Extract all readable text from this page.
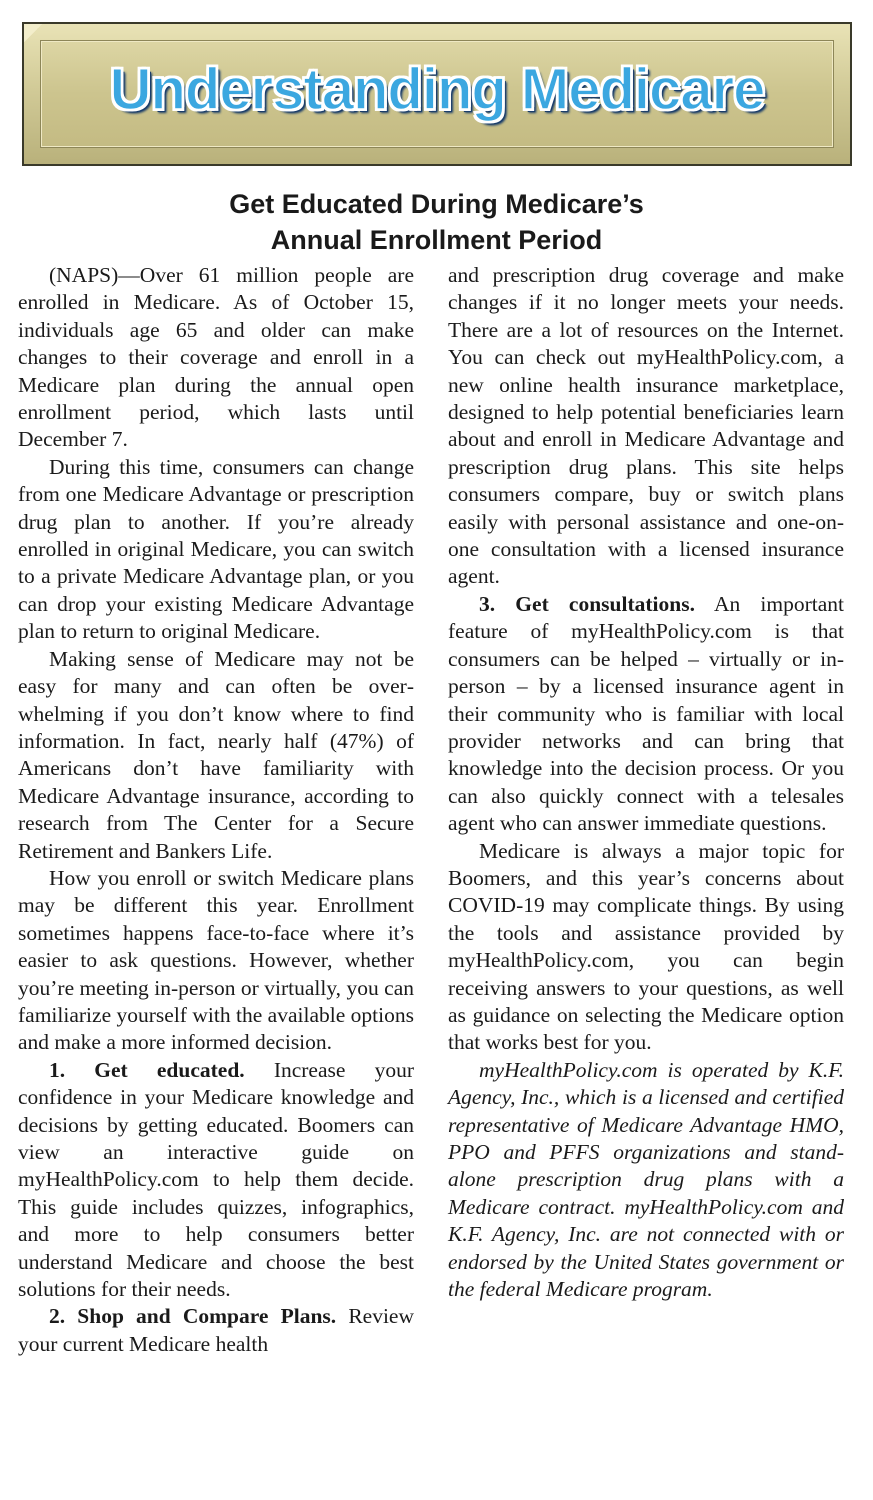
Understanding Medicare
Get Educated During Medicare’s
Annual Enrollment Period

(NAPS)—Over 61 million people are enrolled in Medicare. As of October 15, individuals age 65 and older can make changes to their coverage and enroll in a Medicare plan during the annual open enrollment period, which lasts until December 7.

During this time, consumers can change from one Medicare Advantage or prescription drug plan to another. If you’re already enrolled in original Medicare, you can switch to a private Medicare Advantage plan, or you can drop your existing Medicare Advantage plan to return to original Medicare.

Making sense of Medicare may not be easy for many and can often be overwhelming if you don’t know where to find information. In fact, nearly half (47%) of Americans don’t have familiarity with Medicare Advantage insurance, according to research from The Center for a Secure Retirement and Bankers Life.

How you enroll or switch Medicare plans may be different this year. Enrollment sometimes happens face-to-face where it’s easier to ask questions. However, whether you’re meeting in-person or virtually, you can familiarize yourself with the available options and make a more informed decision.

1. Get educated. Increase your confidence in your Medicare knowledge and decisions by getting educated. Boomers can view an interactive guide on myHealthPolicy.com to help them decide. This guide includes quizzes, infographics, and more to help consumers better understand Medicare and choose the best solutions for their needs.

2. Shop and Compare Plans. Review your current Medicare health

and prescription drug coverage and make changes if it no longer meets your needs. There are a lot of resources on the Internet. You can check out myHealthPolicy.com, a new online health insurance marketplace, designed to help potential beneficiaries learn about and enroll in Medicare Advantage and prescription drug plans. This site helps consumers compare, buy or switch plans easily with personal assistance and one-on-one consultation with a licensed insurance agent.

3. Get consultations. An important feature of myHealthPolicy.com is that consumers can be helped – virtually or in-person – by a licensed insurance agent in their community who is familiar with local provider networks and can bring that knowledge into the decision process. Or you can also quickly connect with a telesales agent who can answer immediate questions.

Medicare is always a major topic for Boomers, and this year’s concerns about COVID-19 may complicate things. By using the tools and assistance provided by myHealthPolicy.com, you can begin receiving answers to your questions, as well as guidance on selecting the Medicare option that works best for you.

myHealthPolicy.com is operated by K.F. Agency, Inc., which is a licensed and certified representative of Medicare Advantage HMO, PPO and PFFS organizations and stand-alone prescription drug plans with a Medicare contract. myHealthPolicy.com and K.F. Agency, Inc. are not connected with or endorsed by the United States government or the federal Medicare program.
